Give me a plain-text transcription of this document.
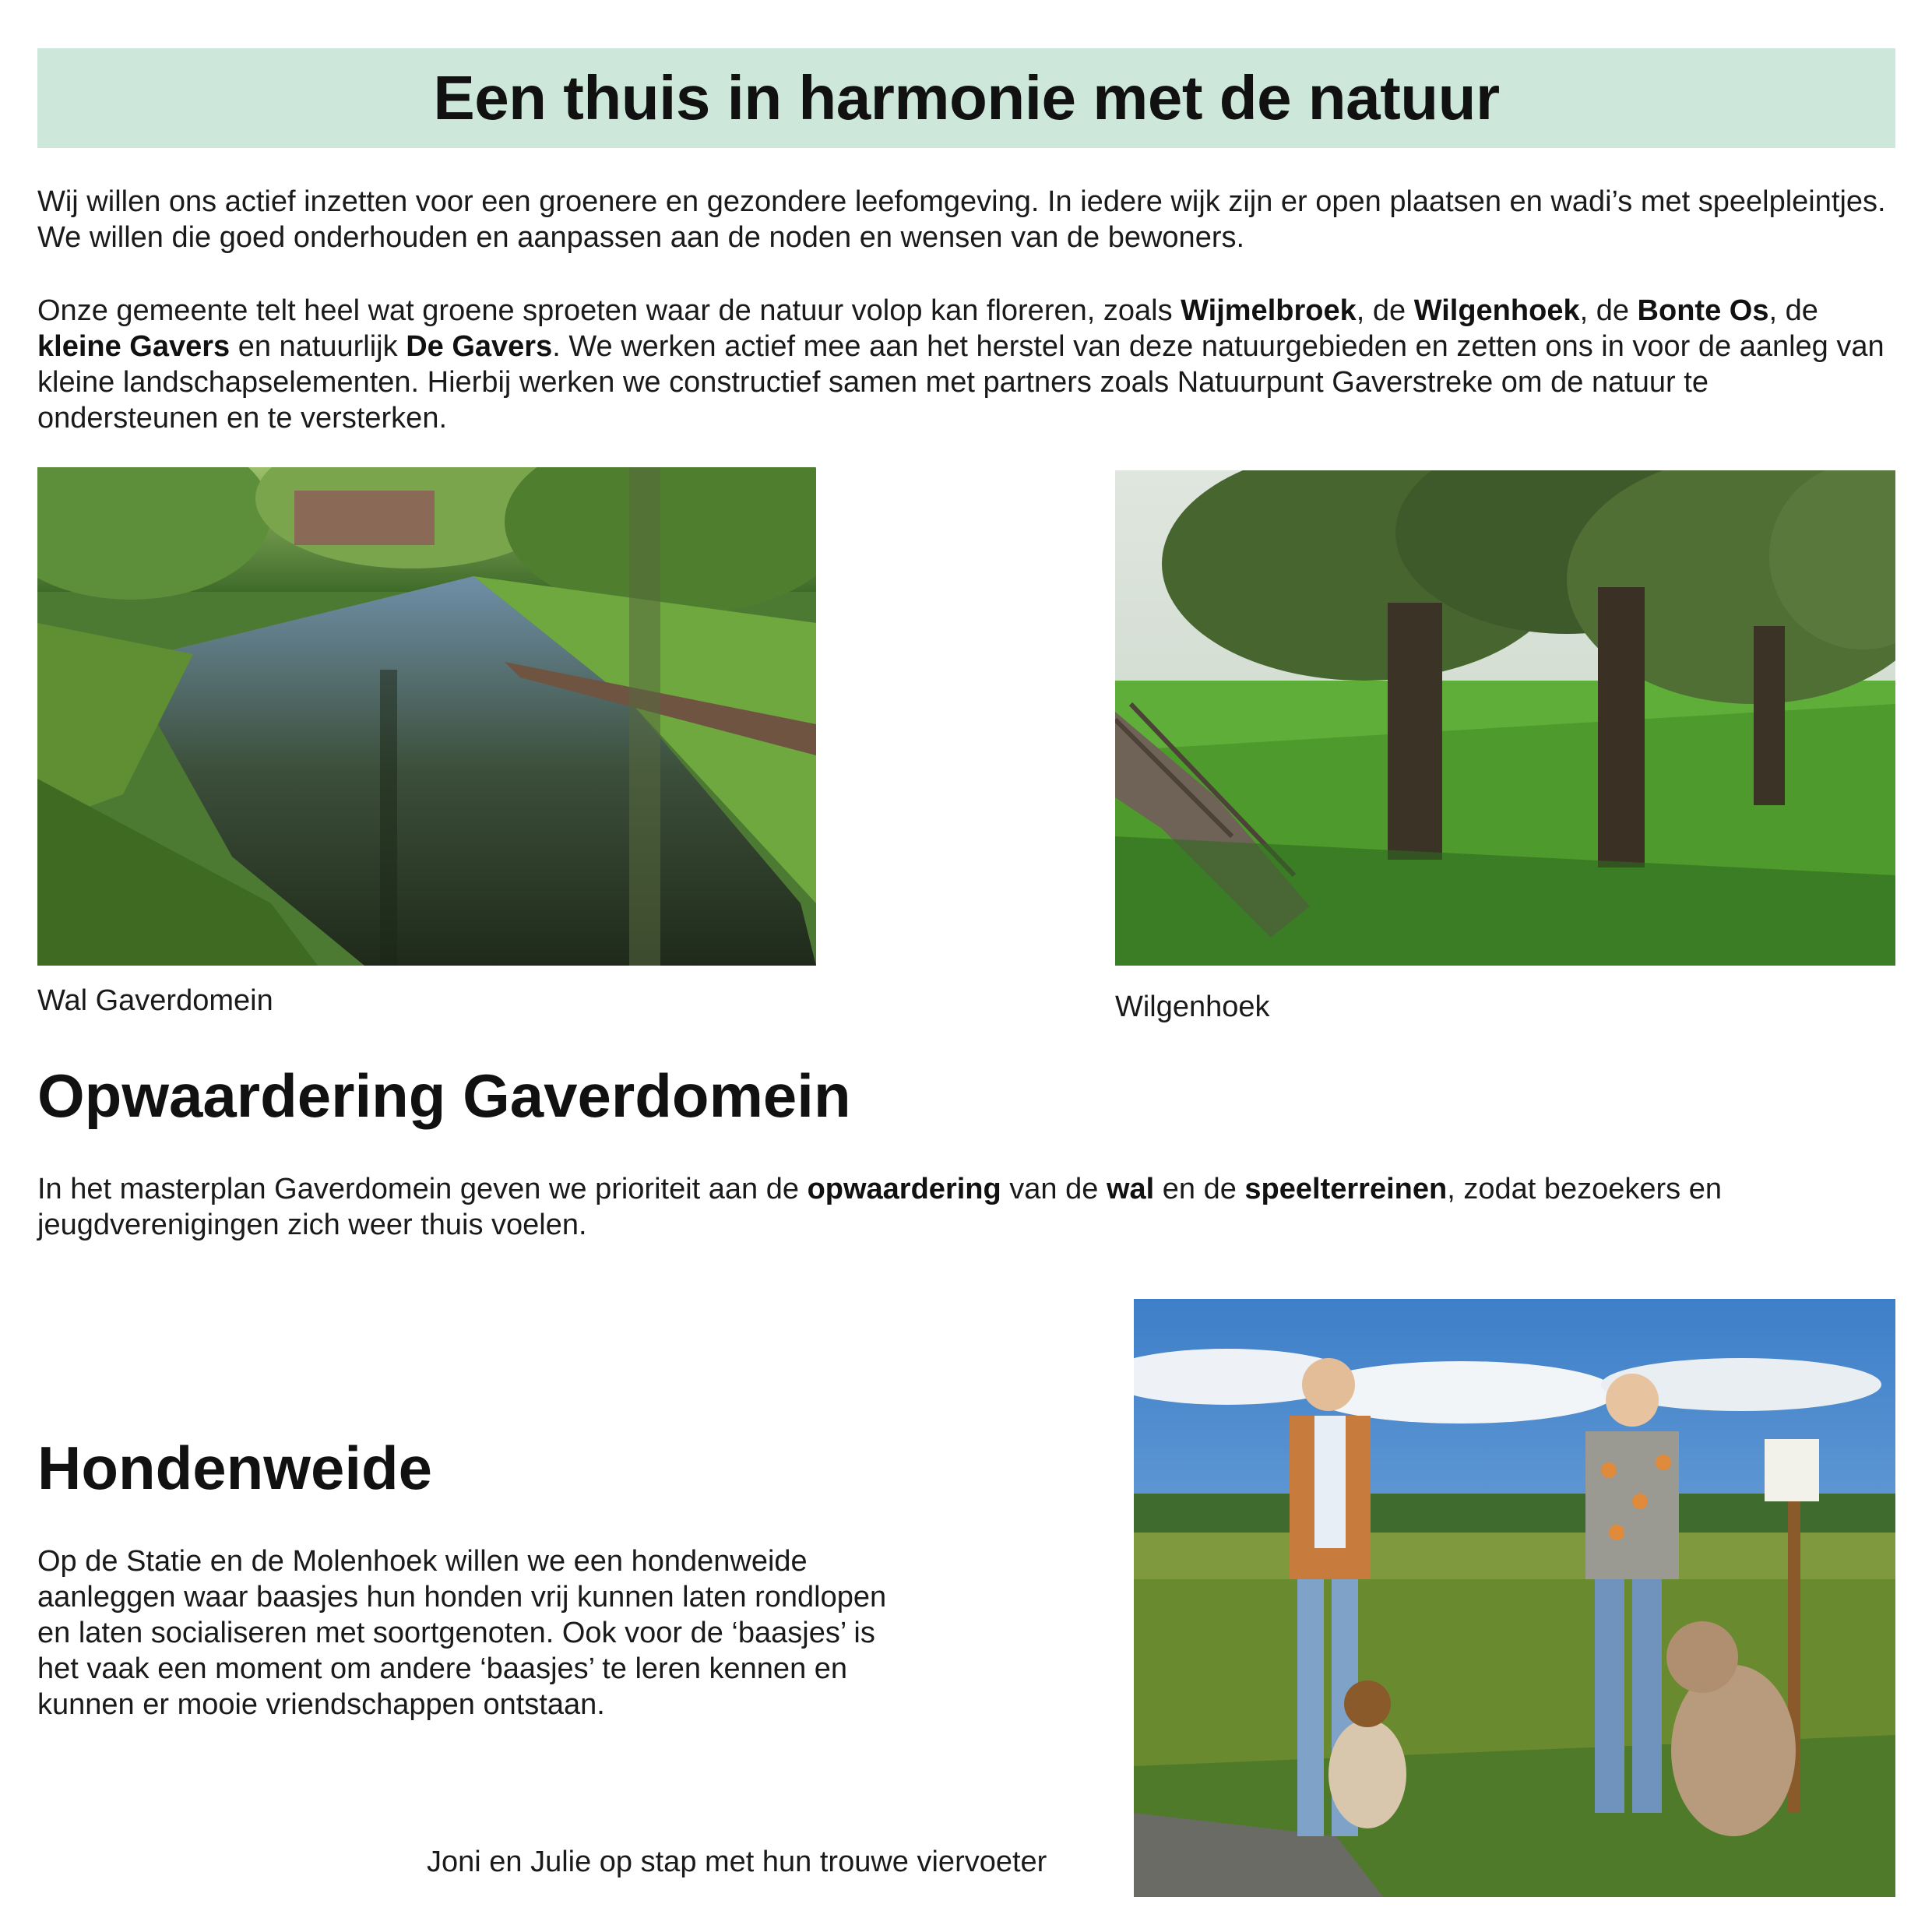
Een thuis in harmonie met de natuur

Wij willen ons actief inzetten voor een groenere en gezondere leefomgeving. In iedere wijk zijn er open plaatsen en wadi’s met speelpleintjes. We willen die goed onderhouden en aanpassen aan de noden en wensen van de bewoners.

Onze gemeente telt heel wat groene sproeten waar de natuur volop kan floreren, zoals Wijmelbroek, de Wilgenhoek, de Bonte Os, de kleine Gavers en natuurlijk De Gavers. We werken actief mee aan het herstel van deze natuurgebieden en zetten ons in voor de aanleg van kleine landschapselementen. Hierbij werken we constructief samen met partners zoals Natuurpunt Gaverstreke om de natuur te ondersteunen en te versterken.

Wal Gaverdomein	Wilgenhoek

Opwaardering Gaverdomein

In het masterplan Gaverdomein geven we prioriteit aan de opwaardering van de wal en de speelterreinen, zodat bezoekers en jeugdverenigingen zich weer thuis voelen.

Hondenweide

Op de Statie en de Molenhoek willen we een hondenweide aanleggen waar baasjes hun honden vrij kunnen laten rondlopen en laten socialiseren met soortgenoten. Ook voor de ‘baasjes’ is het vaak een moment om andere ‘baasjes’ te leren kennen en kunnen er mooie vriendschappen ontstaan.

Joni en Julie op stap met hun trouwe viervoeter
